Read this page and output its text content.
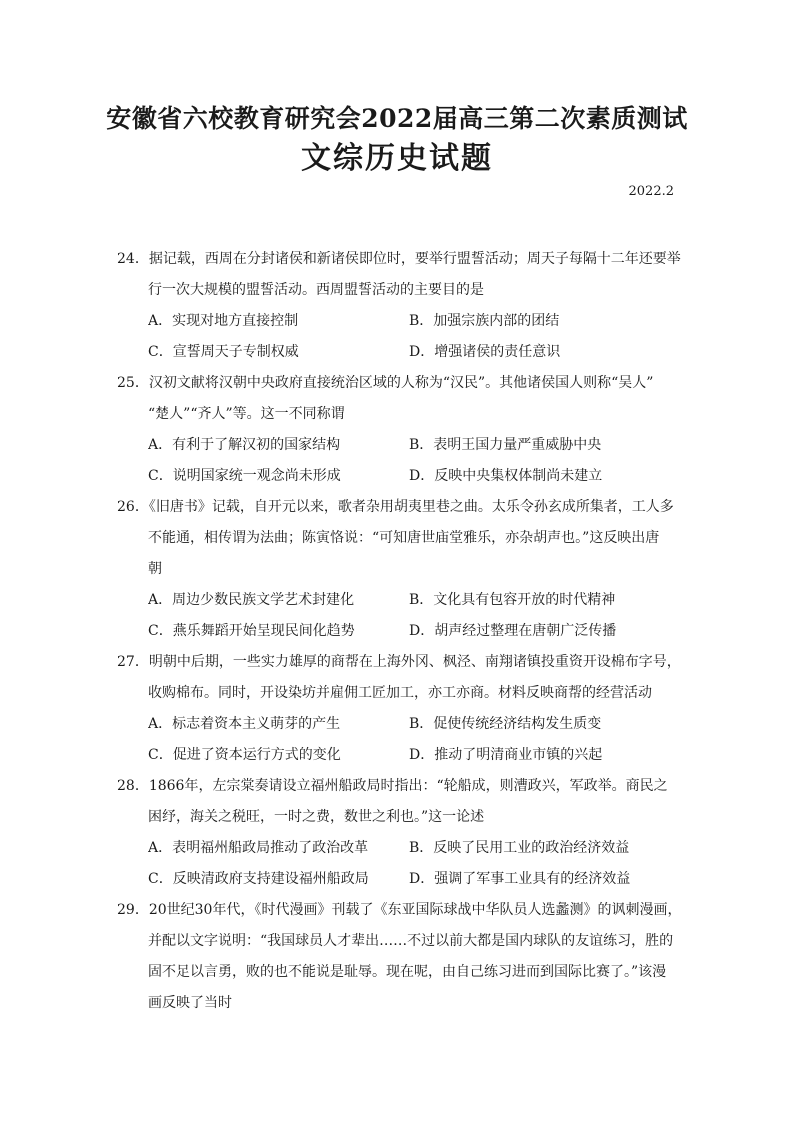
安徽省六校教育研究会2022届高三第二次素质测试
文综历史试题
2022.2
24．据记载，西周在分封诸侯和新诸侯即位时，要举行盟誓活动；周天子每隔十二年还要举
行一次大规模的盟誓活动。西周盟誓活动的主要目的是
A．实现对地方直接控制	B．加强宗族内部的团结
C．宣誓周天子专制权威	D．增强诸侯的责任意识
25．汉初文献将汉朝中央政府直接统治区域的人称为“汉民”。其他诸侯国人则称“吴人”
“楚人”“齐人”等。这一不同称谓
A．有利于了解汉初的国家结构	B．表明王国力量严重威胁中央
C．说明国家统一观念尚未形成	D．反映中央集权体制尚未建立
26．《旧唐书》记载，自开元以来，歌者杂用胡夷里巷之曲。太乐令孙玄成所集者，工人多
不能通，相传谓为法曲；陈寅恪说：“可知唐世庙堂雅乐，亦杂胡声也。”这反映出唐
朝
A．周边少数民族文学艺术封建化	B．文化具有包容开放的时代精神
C．燕乐舞蹈开始呈现民间化趋势	D．胡声经过整理在唐朝广泛传播
27．明朝中后期，一些实力雄厚的商帮在上海外冈、枫泾、南翔诸镇投重资开设棉布字号，
收购棉布。同时，开设染坊并雇佣工匠加工，亦工亦商。材料反映商帮的经营活动
A．标志着资本主义萌芽的产生	B．促使传统经济结构发生质变
C．促进了资本运行方式的变化	D．推动了明清商业市镇的兴起
28．1866年，左宗棠奏请设立福州船政局时指出：“轮船成，则漕政兴，军政举。商民之
困纾，海关之税旺，一时之费，数世之利也。”这一论述
A．表明福州船政局推动了政治改革	B．反映了民用工业的政治经济效益
C．反映清政府支持建设福州船政局	D．强调了军事工业具有的经济效益
29．20世纪30年代，《时代漫画》刊载了《东亚国际球战中华队员人选蠡测》的讽刺漫画，
并配以文字说明：“我国球员人才辈出……不过以前大都是国内球队的友谊练习，胜的
固不足以言勇，败的也不能说是耻辱。现在呢，由自己练习进而到国际比赛了。”该漫
画反映了当时
